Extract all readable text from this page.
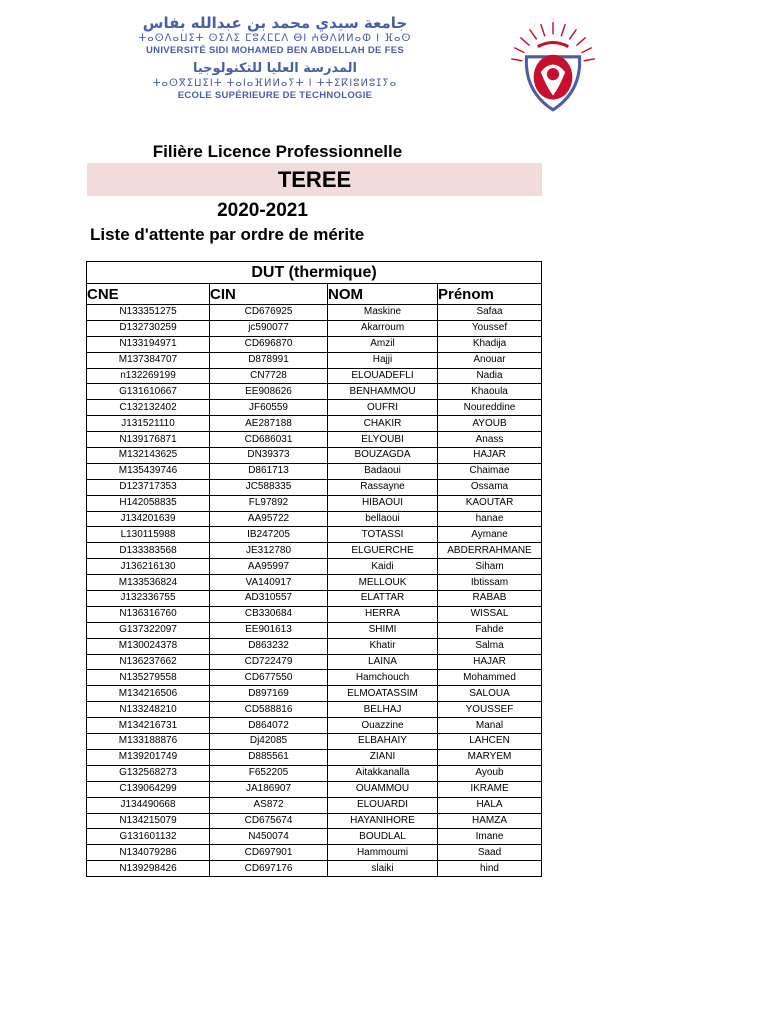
جامعة سيدي محمد بن عبدالله بفاس
ⵜⴰⵙⴷⴰⵡⵉⵜ ⵙⵉⴷⵉ ⵎⵓⵃⵎⵎⴷ ⴱⵏ ⵄⴱⴷⵍⵍⴰⵀ ⵏ ⴼⴰⵙ
UNIVERSITÉ SIDI MOHAMED BEN ABDELLAH DE FES
المدرسة العليا للتكنولوجيا
ⵜⴰⵙⴳⵉⵡⵉⵏⵜ ⵜⴰⵏⴰⴼⵍⵍⴰⵢⵜ ⵏ ⵜⵜⵉⴽⵏⵓⵍⵓⵊⵢⴰ
ECOLE SUPÉRIEURE DE TECHNOLOGIE
Filière Licence Professionnelle
TEREE
2020-2021
Liste d'attente par ordre de mérite
DUT (thermique)			
CNE	CIN	NOM	Prénom
N133351275	CD676925	Maskine	Safaa
D132730259	jc590077	Akarroum	Youssef
N133194971	CD696870	Amzil	Khadija
M137384707	D878991	Hajji	Anouar
n132269199	CN7728	ELOUADEFLI	Nadia
G131610667	EE908626	BENHAMMOU	Khaoula
C132132402	JF60559	OUFRI	Noureddine
J131521110	AE287188	CHAKIR	AYOUB
N139176871	CD686031	ELYOUBI	Anass
M132143625	DN39373	BOUZAGDA	HAJAR
M135439746	D861713	Badaoui	Chaimae
D123717353	JC588335	Rassayne	Ossama
H142058835	FL97892	HIBAOUI	KAOUTAR
J134201639	AA95722	bellaoui	hanae
L130115988	IB247205	TOTASSI	Aymane
D133383568	JE312780	ELGUERCHE	ABDERRAHMANE
J136216130	AA95997	Kaidi	Siham
M133536824	VA140917	MELLOUK	Ibtissam
J132336755	AD310557	ELATTAR	RABAB
N136316760	CB330684	HERRA	WISSAL
G137322097	EE901613	SHIMI	Fahde
M130024378	D863232	Khatir	Salma
N136237662	CD722479	LAINA	HAJAR
N135279558	CD677550	Hamchouch	Mohammed
M134216506	D897169	ELMOATASSIM	SALOUA
N133248210	CD588816	BELHAJ	YOUSSEF
M134216731	D864072	Ouazzine	Manal
M133188876	Dj42085	ELBAHAIY	LAHCEN
M139201749	D885561	ZIANI	MARYEM
G132568273	F652205	Aitakkanalla	Ayoub
C139064299	JA186907	OUAMMOU	IKRAME
J134490668	AS872	ELOUARDI	HALA
N134215079	CD675674	HAYANIHORE	HAMZA
G131601132	N450074	BOUDLAL	Imane
N134079286	CD697901	Hammoumi	Saad
N139298426	CD697176	slaiki	hind
